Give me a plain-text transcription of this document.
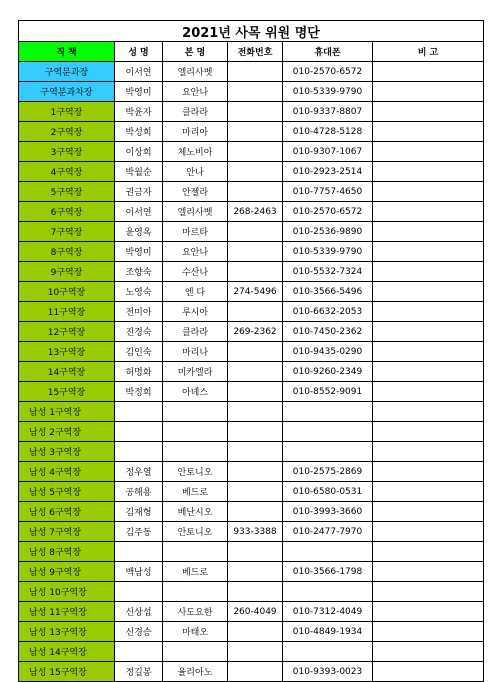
2021년 사목 위원 명단					
직 책	성 명	본 명	전화번호	휴대폰	비 고
구역분과장	이서연	엘리사벳		010-2570-6572	
구역분과차장	박영미	요안나		010-5339-9790	
1구역장	박윤자	클라라		010-9337-8807	
2구역장	박성희	마리아		010-4728-5128	
3구역장	이상희	체노비아		010-9307-1067	
4구역장	박월순	안나		010-2923-2514	
5구역장	권금자	안젤라		010-7757-4650	
6구역장	이서연	엘리사벳	268-2463	010-2570-6572	
7구역장	윤영옥	마르타		010-2536-9890	
8구역장	박영미	요안나		010-5339-9790	
9구역장	조향숙	수산나		010-5532-7324	
10구역장	노영숙	엔 다	274-5496	010-3566-5496	
11구역장	전미아	루시아		010-6632-2053	
12구역장	진경숙	클라라	269-2362	010-7450-2362	
13구역장	김인숙	마리나		010-9435-0290	
14구역장	허명화	미카엘라		010-9260-2349	
15구역장	박정희	아녜스		010-8552-9091	
남성 1구역장					
남성 2구역장					
남성 3구역장					
남성 4구역장	정우열	안토니오		010-2575-2869	
남성 5구역장	공해용	베드로		010-6580-0531	
남성 6구역장	김재형	베난시오		010-3993-3660	
남성 7구역장	김주동	안토니오	933-3388	010-2477-7970	
남성 8구역장					
남성 9구역장	백남성	베드로		010-3566-1798	
남성 10구역장					
남성 11구역장	신상섭	사도요한	260-4049	010-7312-4049	
남성 13구역장	신경승	마태오		010-4849-1934	
남성 14구역장					
남성 15구역장	정길봉	율리아노		010-9393-0023	
